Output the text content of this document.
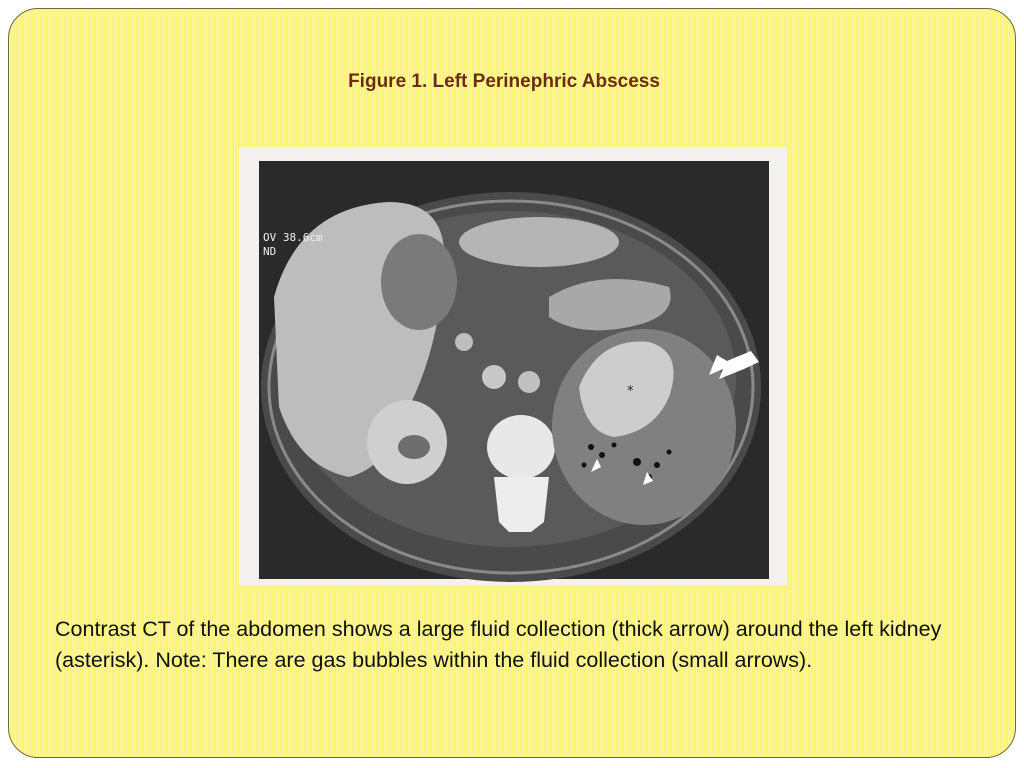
Figure 1. Left Perinephric Abscess
*
OV 38.6cm
ND
Contrast CT of the abdomen shows a large fluid collection (thick arrow) around the left kidney (asterisk). Note: There are gas bubbles within the fluid collection (small arrows).
